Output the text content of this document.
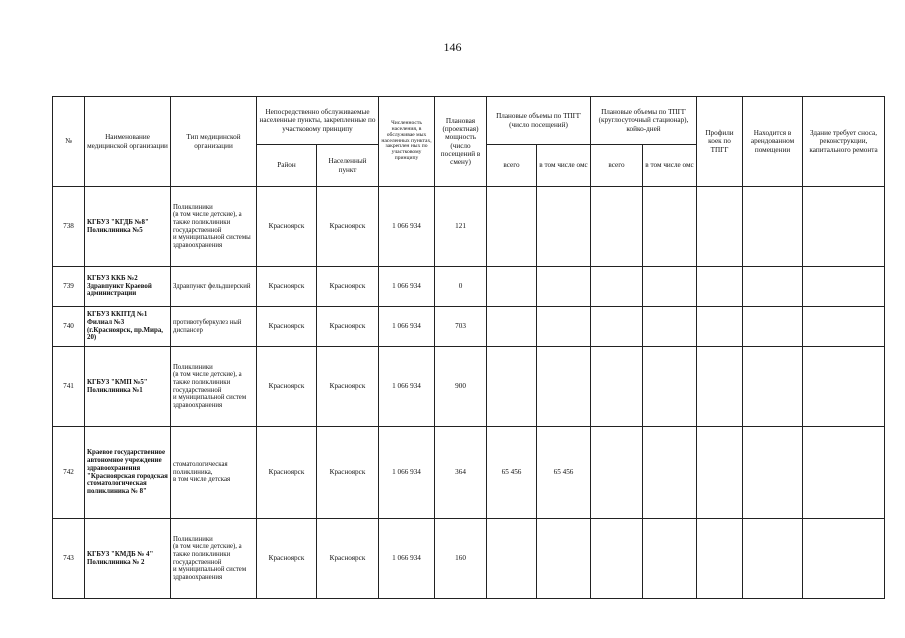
146
№	Наименование медицинской организации	Тип медицинской организации	Непосредственно обслуживаемые населенные пункты, закрепленные по участковому принципу		Численность населения, в обслуживае мых населенных пунктах, закреплен ных по участковому принципу	Плановая (проектная) мощность (число посещений в смену)	Плановые объемы по ТПГГ (число посещений)		Плановые объемы по ТПГГ (круглосуточный стационар), койко-дней		Профили коек по ТПГГ	Находится в арендованном помещении	Здание требует сноса, реконструкции, капитального ремонта
			Район	Населенный пункт			всего	в том числе омс	всего	в том числе омс			
738	КГБУЗ "КГДБ №8" Поликлиника №5	Поликлиники
(в том числе детские), а также поликлиники государственной
и муниципальной системы здравоохранения	Красноярск	Красноярск	1 066 934	121							
739	КГБУЗ ККБ №2 Здравпункт Краевой администрации	Здравпункт фельдшерский	Красноярск	Красноярск	1 066 934	0							
740	КГБУЗ ККПТД №1 Филиал №3 (г.Красноярск, пр.Мира, 20)	противотуберкулез ный диспансер	Красноярск	Красноярск	1 066 934	703							
741	КГБУЗ "КМП №5" Поликлиника №1	Поликлиники
(в том числе детские), а также поликлиники государственной
и муниципальной систем здравоохранения	Красноярск	Красноярск	1 066 934	900							
742	Краевое государственное автономное учреждение здравоохранения "Красноярская городская стоматологическая поликлиника № 8"	стоматологическая поликлиника,
в том числе детская	Красноярск	Красноярск	1 066 934	364	65 456	65 456					
743	КГБУЗ "КМДБ № 4" Поликлиника № 2	Поликлиники
(в том числе детские), а также поликлиники государственной
и муниципальной систем здравоохранения	Красноярск	Красноярск	1 066 934	160							
